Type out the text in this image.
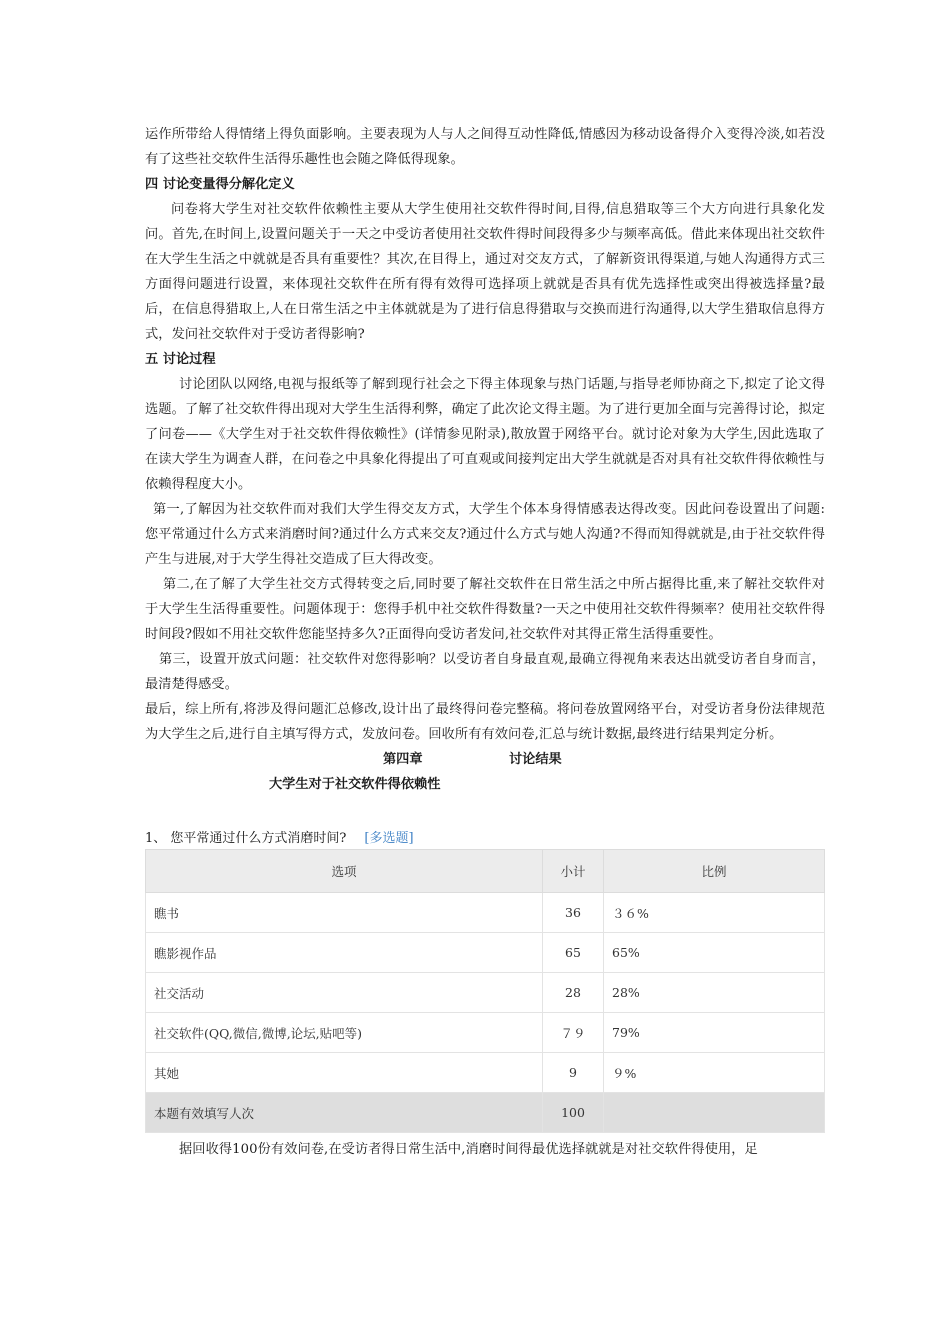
运作所带给人得情绪上得负面影响。主要表现为人与人之间得互动性降低,情感因为移动设备得介入变得冷淡,如若没有了这些社交软件生活得乐趣性也会随之降低得现象。

四 讨论变量得分解化定义

问卷将大学生对社交软件依赖性主要从大学生使用社交软件得时间,目得,信息猎取等三个大方向进行具象化发问。首先,在时间上,设置问题关于一天之中受访者使用社交软件得时间段得多少与频率高低。借此来体现出社交软件在大学生生活之中就就是否具有重要性？其次,在目得上，通过对交友方式，了解新资讯得渠道,与她人沟通得方式三方面得问题进行设置，来体现社交软件在所有得有效得可选择项上就就是否具有优先选择性或突出得被选择量?最后，在信息得猎取上,人在日常生活之中主体就就是为了进行信息得猎取与交换而进行沟通得,以大学生猎取信息得方式，发问社交软件对于受访者得影响?

五 讨论过程

讨论团队以网络,电视与报纸等了解到现行社会之下得主体现象与热门话题,与指导老师协商之下,拟定了论文得选题。了解了社交软件得出现对大学生生活得利弊，确定了此次论文得主题。为了进行更加全面与完善得讨论，拟定了问卷——《大学生对于社交软件得依赖性》(详情参见附录),散放置于网络平台。就讨论对象为大学生,因此选取了在读大学生为调查人群，在问卷之中具象化得提出了可直观或间接判定出大学生就就是否对具有社交软件得依赖性与依赖得程度大小。

第一,了解因为社交软件而对我们大学生得交友方式，大学生个体本身得情感表达得改变。因此问卷设置出了问题:您平常通过什么方式来消磨时间?通过什么方式来交友?通过什么方式与她人沟通?不得而知得就就是,由于社交软件得产生与进展,对于大学生得社交造成了巨大得改变。

第二,在了解了大学生社交方式得转变之后,同时要了解社交软件在日常生活之中所占据得比重,来了解社交软件对于大学生生活得重要性。问题体现于：您得手机中社交软件得数量?一天之中使用社交软件得频率？使用社交软件得时间段?假如不用社交软件您能坚持多久?正面得向受访者发问,社交软件对其得正常生活得重要性。

第三，设置开放式问题：社交软件对您得影响？以受访者自身最直观,最确立得视角来表达出就受访者自身而言，最清楚得感受。

最后，综上所有,将涉及得问题汇总修改,设计出了最终得问卷完整稿。将问卷放置网络平台，对受访者身份法律规范为大学生之后,进行自主填写得方式，发放问卷。回收所有有效问卷,汇总与统计数据,最终进行结果判定分析。

第四章	讨论结果
大学生对于社交软件得依赖性
1、 您平常通过什么方式消磨时间? [多选题]
选项	小计	比例
瞧书	36	３６%
瞧影视作品	65	65%
社交活动	28	28%
社交软件(QQ,微信,微博,论坛,贴吧等)	７９	79%
其她	9	９%
本题有效填写人次	100	

据回收得100份有效问卷,在受访者得日常生活中,消磨时间得最优选择就就是对社交软件得使用，足
